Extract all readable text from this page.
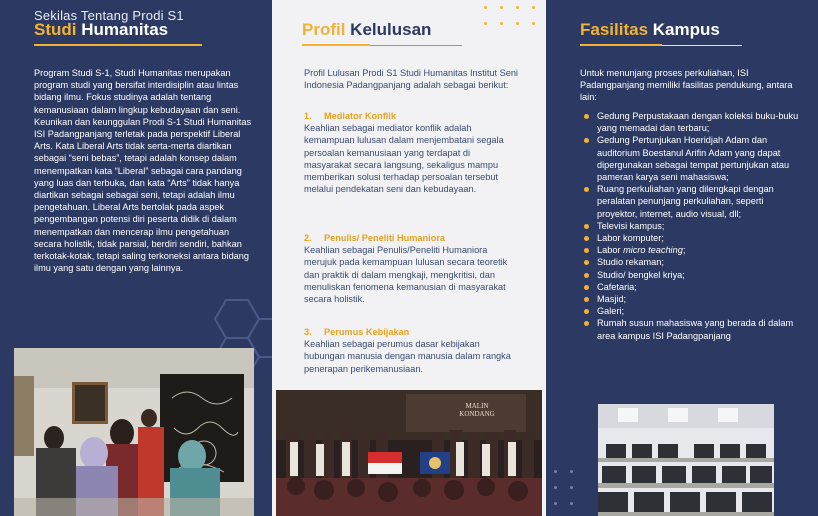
Sekilas Tentang Prodi S1
Studi Humanitas
Program Studi S-1, Studi Humanitas merupakan program studi yang bersifat interdisiplin atau lintas bidang ilmu. Fokus studinya adalah tentang kemanusiaan dalam lingkup kebudayaan dan seni. Keunikan dan keunggulan Prodi S-1 Studi Humanitas ISI Padangpanjang terletak pada perspektif Liberal Arts. Kata Liberal Arts tidak serta-merta diartikan sebagai “seni bebas”, tetapi adalah konsep dalam menempatkan kata “Liberal” sebagai cara pandang yang luas dan terbuka, dan kata “Arts” tidak hanya diartikan sebagai sebagai seni, tetapi adalah ilmu pengetahuan. Liberal Arts bertolak pada aspek pengembangan potensi diri peserta didik di dalam menempatkan dan mencerap ilmu pengetahuan secara holistik, tidak parsial, berdiri sendiri, bahkan terkotak-kotak, tetapi saling terkoneksi antara bidang ilmu yang satu dengan yang lainnya.
Profil Kelulusan
Profil Lulusan Prodi S1 Studi Humanitas Institut Seni Indonesia Padangpanjang adalah sebagai berikut:
1.	Mediator Konflik
Keahlian sebagai mediator konflik adalah kemampuan lulusan dalam menjembatani segala persoalan kemanusiaan yang terdapat di masyarakat secara langsung, sekaligus mampu memberikan solusi terhadap persoalan tersebut melalui pendekatan seni dan kebudayaan.
2.	Penulis/ Peneliti Humaniora
Keahlian sebagai Penulis/Peneliti Humaniora merujuk pada kemampuan lulusan secara teoretik dan praktik di dalam mengkaji, mengkritisi, dan menuliskan fenomena kemanusian di masyarakat secara holistik.
3.	Perumus Kebijakan
Keahlian sebagai perumus dasar kebijakan hubungan manusia dengan manusia dalam rangka penerapan perikemanusiaan.
MALIN KONDANG
Fasilitas Kampus
Untuk menunjang proses perkuliahan, ISI Padangpanjang memiliki fasilitas pendukung, antara lain:
Gedung Perpustakaan dengan koleksi buku-buku yang memadai dan terbaru;
Gedung Pertunjukan Hoeridjah Adam dan auditorium Boestanul Arifin Adam yang dapat dipergunakan sebagai tempat pertunjukan atau pameran karya seni mahasiswa;
Ruang perkuliahan yang dilengkapi dengan peralatan penunjang perkuliahan, seperti proyektor, internet, audio visual, dll;
Televisi kampus;
Labor komputer;
Labor micro teaching;
Studio rekaman;
Studio/ bengkel kriya;
Cafetaria;
Masjid;
Galeri;
Rumah susun mahasiswa yang berada di dalam area kampus ISI Padangpanjang
